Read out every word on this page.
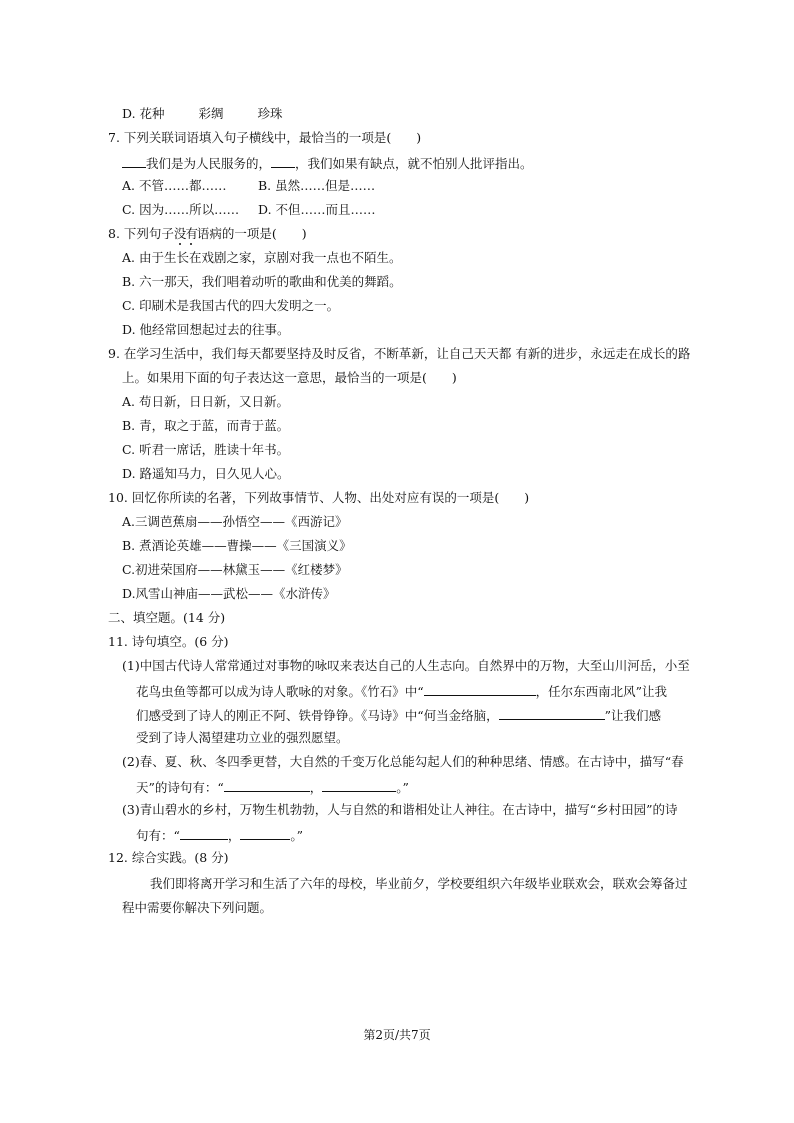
D. 花种	彩绸	珍珠
7. 下列关联词语填入句子横线中，最恰当的一项是(　　)
我们是为人民服务的， ，我们如果有缺点，就不怕别人批评指出。
A. 不管……都……	B. 虽然……但是……
C. 因为……所以…… D. 不但……而且……
8. 下列句子没有语病的一项是(　　)
A. 由于生长在戏剧之家，京剧对我一点也不陌生。
B. 六一那天，我们唱着动听的歌曲和优美的舞蹈。
C. 印刷术是我国古代的四大发明之一。
D. 他经常回想起过去的往事。
9. 在学习生活中，我们每天都要坚持及时反省，不断革新，让自己天天都 有新的进步，永远走在成长的路
上。如果用下面的句子表达这一意思，最恰当的一项是(　　)
A. 苟日新，日日新，又日新。
B. 青，取之于蓝，而青于蓝。
C. 听君一席话，胜读十年书。
D. 路遥知马力，日久见人心。
10. 回忆你所读的名著，下列故事情节、人物、出处对应有误的一项是(　　)
A.三调芭蕉扇——孙悟空——《西游记》
B. 煮酒论英雄——曹操——《三国演义》
C.初进荣国府——林黛玉——《红楼梦》
D.风雪山神庙——武松——《水浒传》
二、填空题。(14 分)
11. 诗句填空。(6 分)
(1)中国古代诗人常常通过对事物的咏叹来表达自己的人生志向。自然界中的万物，大至山川河岳，小至
花鸟虫鱼等都可以成为诗人歌咏的对象。《竹石》中“	，任尔东西南北风”让我
们感受到了诗人的刚正不阿、铁骨铮铮。《马诗》中“何当金络脑，	”让我们感
受到了诗人渴望建功立业的强烈愿望。
(2)春、夏、秋、冬四季更替，大自然的千变万化总能勾起人们的种种思绪、情感。在古诗中，描写“春
天”的诗句有：“	，	。”
(3)青山碧水的乡村，万物生机勃勃，人与自然的和谐相处让人神往。在古诗中，描写“乡村田园”的诗
句有：“	，	。”
12. 综合实践。(8 分)
我们即将离开学习和生活了六年的母校，毕业前夕，学校要组织六年级毕业联欢会，联欢会筹备过
程中需要你解决下列问题。
第2页/共7页
